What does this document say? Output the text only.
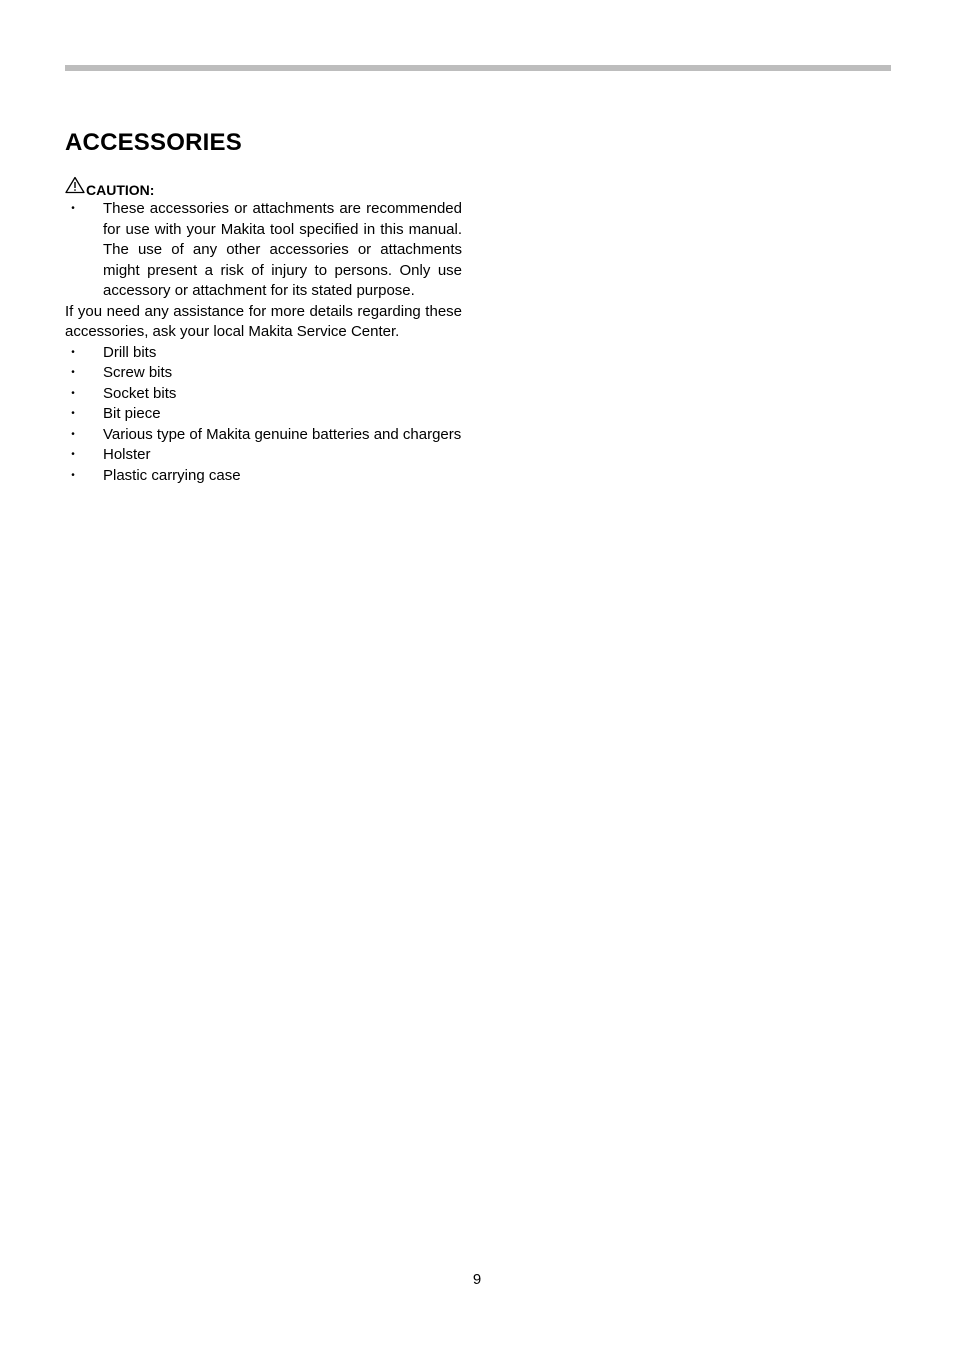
ACCESSORIES
CAUTION:
• These accessories or attachments are recommended for use with your Makita tool specified in this manual. The use of any other accessories or attachments might present a risk of injury to persons. Only use accessory or attachment for its stated purpose.

If you need any assistance for more details regarding these accessories, ask your local Makita Service Center.

• Drill bits
• Screw bits
• Socket bits
• Bit piece
• Various type of Makita genuine batteries and chargers
• Holster
• Plastic carrying case
9
